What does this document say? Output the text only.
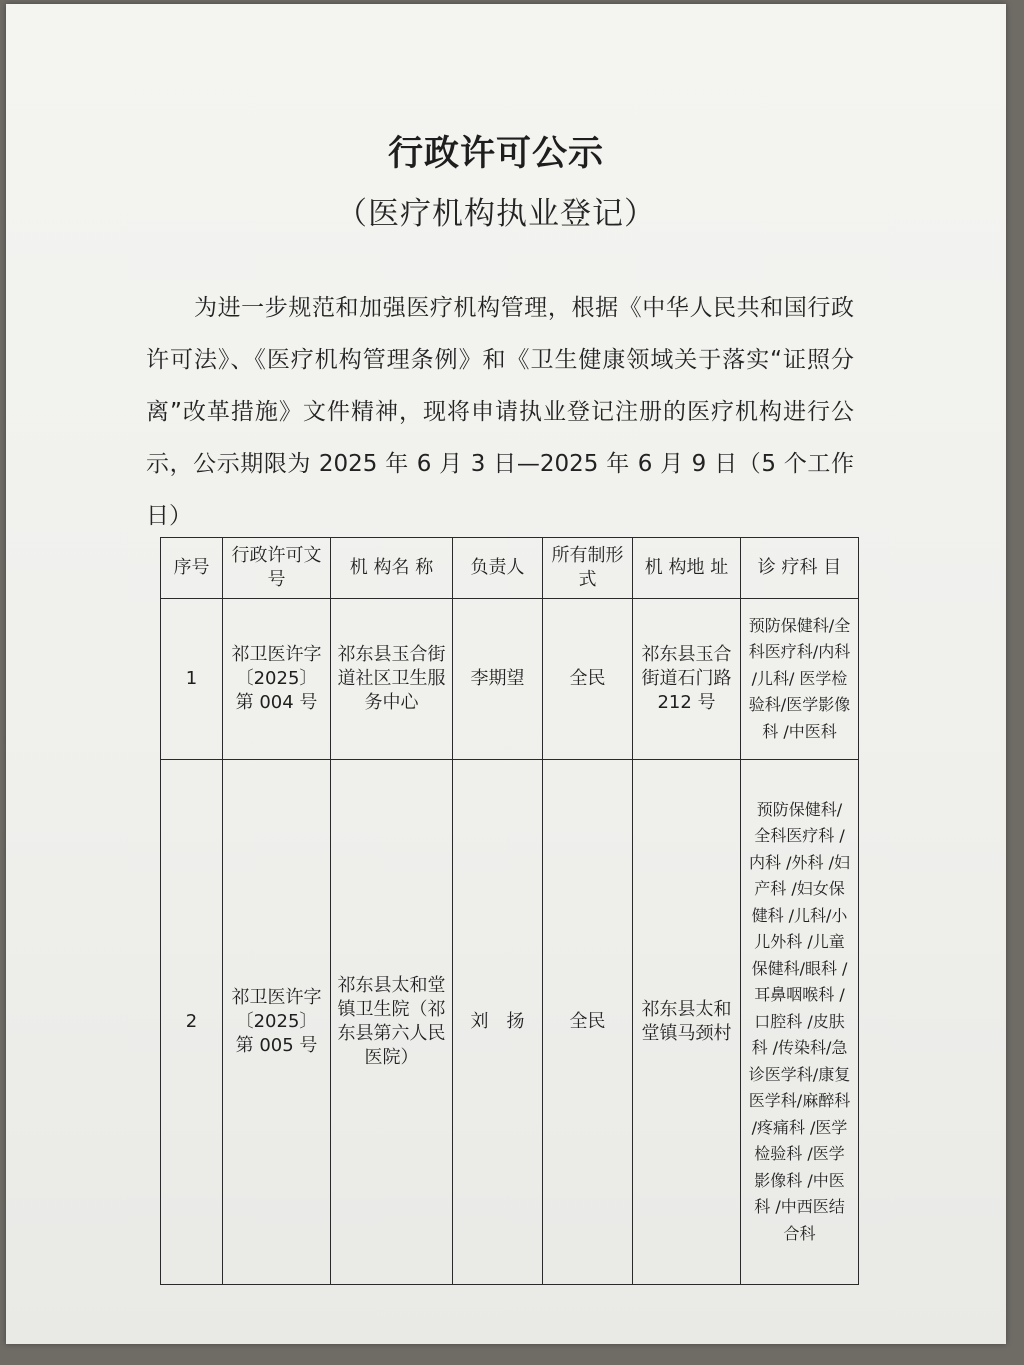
行政许可公示
（医疗机构执业登记）

为进一步规范和加强医疗机构管理，根据《中华人民共和国行政许可法》、《医疗机构管理条例》和《卫生健康领域关于落实“证照分离”改革措施》文件精神，现将申请执业登记注册的医疗机构进行公示，公示期限为 2025 年 6 月 3 日—2025 年 6 月 9 日（5 个工作日）

序号	行政许可文 号	机 构名 称	负责人	所有制形 式	机 构地 址	诊 疗科 目
1	祁卫医许字〔2025〕第 004 号	祁东县玉合街道社区卫生服务中心	李期望	全民	祁东县玉合街道石门路 212 号	预防保健科/全科医疗科/内科 /儿科/ 医学检验科/医学影像科 /中医科
2	祁卫医许字〔2025〕第 005 号	祁东县太和堂镇卫生院（祁东县第六人民医院）	刘　扬	全民	祁东县太和堂镇马颈村	预防保健科/ 全科医疗科 /内科 /外科 /妇产科 /妇女保健科 /儿科/小儿外科 /儿童保健科/眼科 /耳鼻咽喉科 /口腔科 /皮肤科 /传染科/急诊医学科/康复医学科/麻醉科 /疼痛科 /医学检验科 /医学影像科 /中医科 /中西医结合科
